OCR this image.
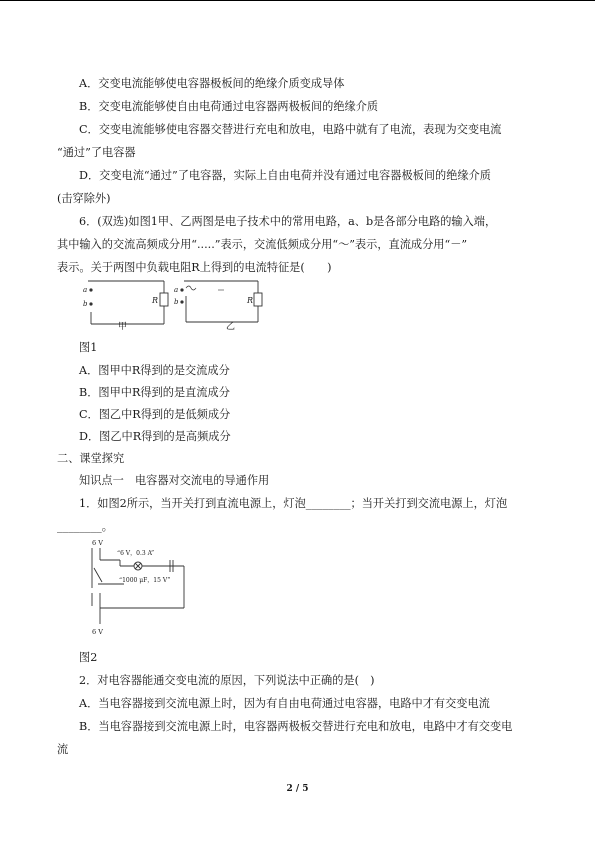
A．交变电流能够使电容器极板间的绝缘介质变成导体
B．交变电流能够使自由电荷通过电容器两极板间的绝缘介质
C．交变电流能够使电容器交替进行充电和放电，电路中就有了电流，表现为交变电流
“通过”了电容器
D．交变电流“通过”了电容器，实际上自由电荷并没有通过电容器极板间的绝缘介质
(击穿除外)
6．(双选)如图1甲、乙两图是电子技术中的常用电路，a、b是各部分电路的输入端，
其中输入的交流高频成分用“.....”表示，交流低频成分用“～”表示，直流成分用“－”
表示。关于两图中负载电阻R上得到的电流特征是(　　)
a
b
a
b
R	R
甲	乙
图1
A．图甲中R得到的是交流成分
B．图甲中R得到的是直流成分
C．图乙中R得到的是低频成分
D．图乙中R得到的是高频成分
二、课堂探究
知识点一　电容器对交流电的导通作用
1．如图2所示，当开关打到直流电源上，灯泡________；当开关打到交流电源上，灯泡
________。
6 V
6 V
“6 V，0.3 A”
“1000 μF，15 V”
图2
2．对电容器能通交变电流的原因，下列说法中正确的是(　)
A．当电容器接到交流电源上时，因为有自由电荷通过电容器，电路中才有交变电流
B．当电容器接到交流电源上时，电容器两极板交替进行充电和放电，电路中才有交变电
流
2 / 5
